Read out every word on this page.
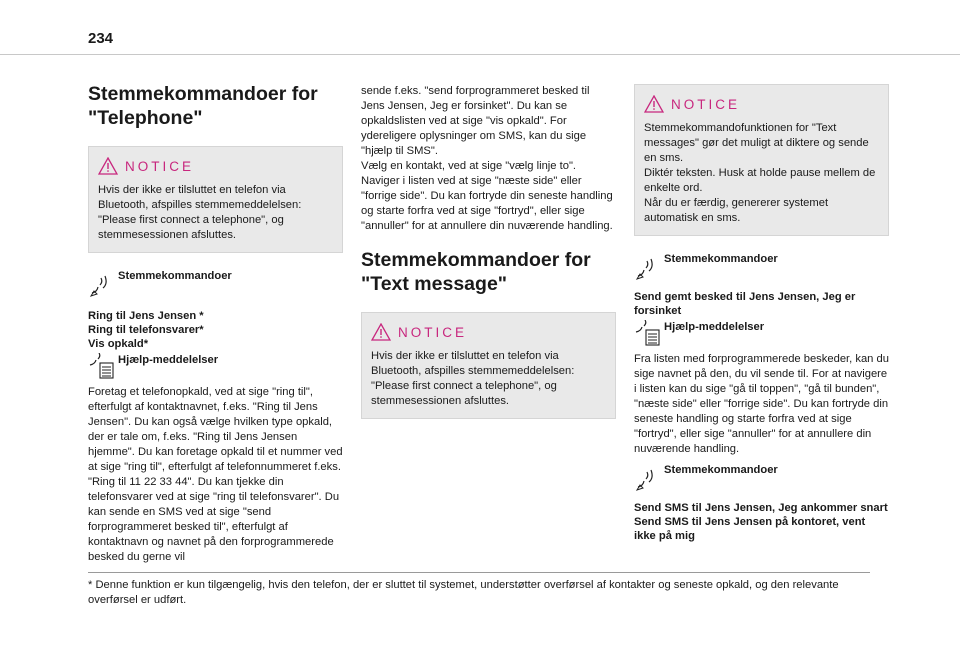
234
Stemmekommandoer for "Telephone"
NOTICE
Hvis der ikke er tilsluttet en telefon via Bluetooth, afspilles stemmemeddelelsen: "Please first connect a telephone", og stemmesessionen afsluttes.
Stemmekommandoer
Ring til Jens Jensen *
Ring til telefonsvarer*
Vis opkald*
Hjælp-meddelelser
Foretag et telefonopkald, ved at sige "ring til", efterfulgt af kontaktnavnet, f.eks. "Ring til Jens Jensen". Du kan også vælge hvilken type opkald, der er tale om, f.eks. "Ring til Jens Jensen hjemme". Du kan foretage opkald til et nummer ved at sige "ring til", efterfulgt af telefonnummeret f.eks. "Ring til 11 22 33 44". Du kan tjekke din telefonsvarer ved at sige "ring til telefonsvarer". Du kan sende en SMS ved at sige "send forprogrammeret besked til", efterfulgt af kontaktnavn og navnet på den forprogrammerede besked du gerne vil
sende f.eks. "send forprogrammeret besked til Jens Jensen, Jeg er forsinket". Du kan se opkaldslisten ved at sige "vis opkald". For ydereligere oplysninger om SMS, kan du sige "hjælp til SMS".
Vælg en kontakt, ved at sige "vælg linje to". Naviger i listen ved at sige "næste side" eller "forrige side". Du kan fortryde din seneste handling og starte forfra ved at sige "fortryd", eller sige "annuller" for at annullere din nuværende handling.
Stemmekommandoer for "Text message"
NOTICE
Hvis der ikke er tilsluttet en telefon via Bluetooth, afspilles stemmemeddelelsen: "Please first connect a telephone", og stemmesessionen afsluttes.
NOTICE
Stemmekommandofunktionen for "Text messages" gør det muligt at diktere og sende en sms.
Diktér teksten. Husk at holde pause mellem de enkelte ord.
Når du er færdig, genererer systemet automatisk en sms.
Stemmekommandoer
Send gemt besked til Jens Jensen, Jeg er forsinket
Hjælp-meddelelser
Fra listen med forprogrammerede beskeder, kan du sige navnet på den, du vil sende til. For at navigere i listen kan du sige "gå til toppen", "gå til bunden", "næste side" eller "forrige side". Du kan fortryde din seneste handling og starte forfra ved at sige "fortryd", eller sige "annuller" for at annullere din nuværende handling.
Stemmekommandoer
Send SMS til Jens Jensen, Jeg ankommer snart
Send SMS til Jens Jensen på kontoret, vent ikke på mig
* Denne funktion er kun tilgængelig, hvis den telefon, der er sluttet til systemet, understøtter overførsel af kontakter og seneste opkald, og den relevante overførsel er udført.
